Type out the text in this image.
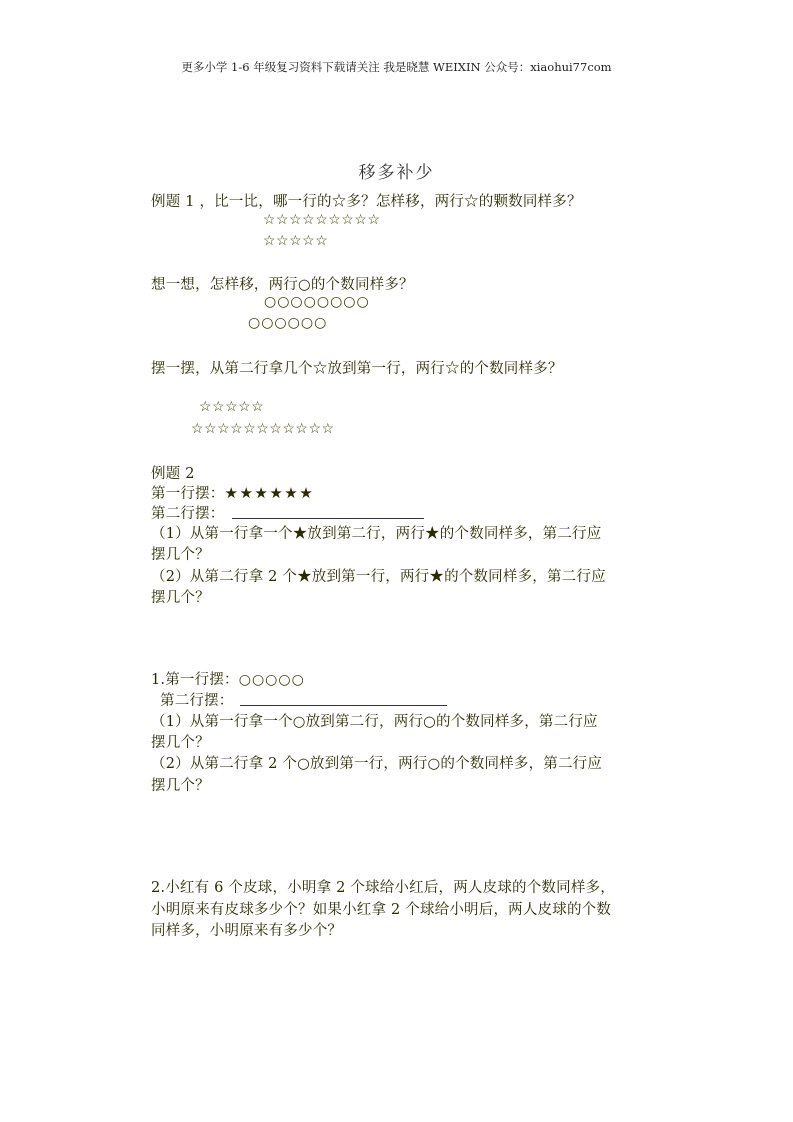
更多小学 1-6 年级复习资料下载请关注 我是晓慧 WEIXIN 公众号：xiaohui77com
移多补少
例题 1 ，比一比，哪一行的☆多？怎样移，两行☆的颗数同样多？
☆☆☆☆☆☆☆☆☆
☆☆☆☆☆
想一想，怎样移，两行○的个数同样多？
○○○○○○○○
○○○○○○
摆一摆，从第二行拿几个☆放到第一行，两行☆的个数同样多？
☆☆☆☆☆
☆☆☆☆☆☆☆☆☆☆☆
例题 2
第一行摆：★★★★★★
第二行摆：
（1）从第一行拿一个★放到第二行，两行★的个数同样多，第二行应
摆几个？
（2）从第二行拿 2 个★放到第一行，两行★的个数同样多，第二行应
摆几个？
1.第一行摆：○○○○○
第二行摆：
（1）从第一行拿一个○放到第二行，两行○的个数同样多，第二行应
摆几个？
（2）从第二行拿 2 个○放到第一行，两行○的个数同样多，第二行应
摆几个？
2.小红有 6 个皮球，小明拿 2 个球给小红后，两人皮球的个数同样多，
小明原来有皮球多少个？如果小红拿 2 个球给小明后，两人皮球的个数
同样多，小明原来有多少个？
